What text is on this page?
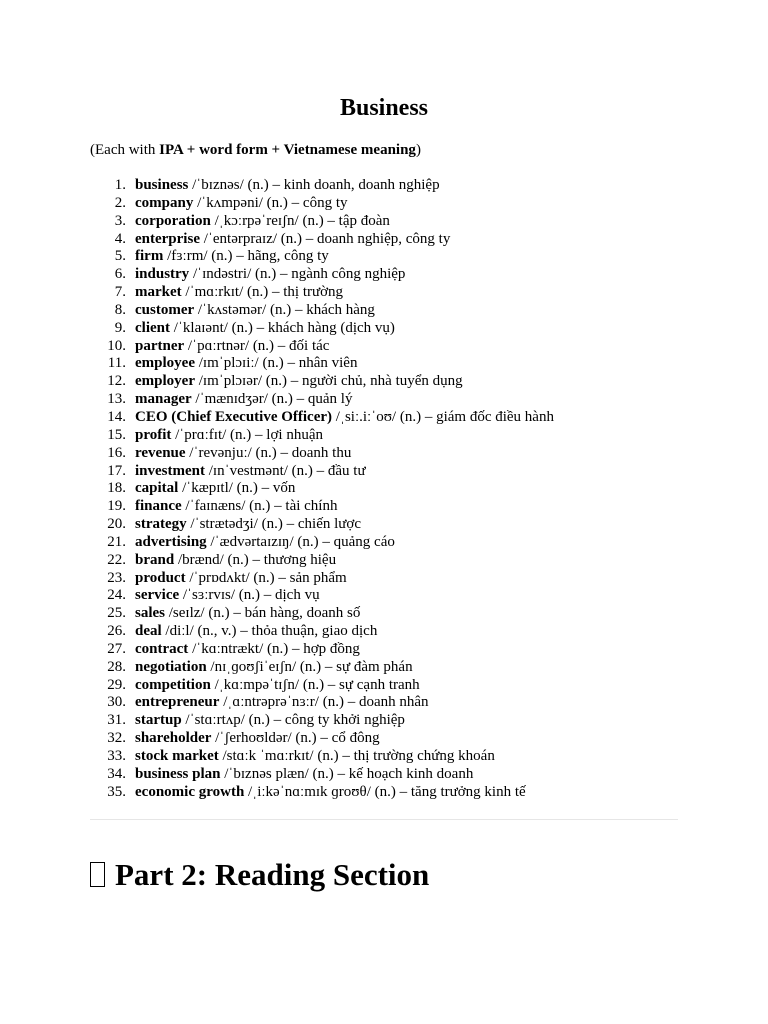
Business

(Each with IPA + word form + Vietnamese meaning)

1. business /ˈbɪznəs/ (n.) – kinh doanh, doanh nghiệp
2. company /ˈkʌmpəni/ (n.) – công ty
3. corporation /ˌkɔːrpəˈreɪʃn/ (n.) – tập đoàn
4. enterprise /ˈentərpraɪz/ (n.) – doanh nghiệp, công ty
5. firm /fɜːrm/ (n.) – hãng, công ty
6. industry /ˈɪndəstri/ (n.) – ngành công nghiệp
7. market /ˈmɑːrkɪt/ (n.) – thị trường
8. customer /ˈkʌstəmər/ (n.) – khách hàng
9. client /ˈklaɪənt/ (n.) – khách hàng (dịch vụ)
10. partner /ˈpɑːrtnər/ (n.) – đối tác
11. employee /ɪmˈplɔɪiː/ (n.) – nhân viên
12. employer /ɪmˈplɔɪər/ (n.) – người chủ, nhà tuyển dụng
13. manager /ˈmænɪdʒər/ (n.) – quản lý
14. CEO (Chief Executive Officer) /ˌsiː.iːˈoʊ/ (n.) – giám đốc điều hành
15. profit /ˈprɑːfɪt/ (n.) – lợi nhuận
16. revenue /ˈrevənjuː/ (n.) – doanh thu
17. investment /ɪnˈvestmənt/ (n.) – đầu tư
18. capital /ˈkæpɪtl/ (n.) – vốn
19. finance /ˈfaɪnæns/ (n.) – tài chính
20. strategy /ˈstrætədʒi/ (n.) – chiến lược
21. advertising /ˈædvərtaɪzɪŋ/ (n.) – quảng cáo
22. brand /brænd/ (n.) – thương hiệu
23. product /ˈprɒdʌkt/ (n.) – sản phẩm
24. service /ˈsɜːrvɪs/ (n.) – dịch vụ
25. sales /seɪlz/ (n.) – bán hàng, doanh số
26. deal /diːl/ (n., v.) – thỏa thuận, giao dịch
27. contract /ˈkɑːntrækt/ (n.) – hợp đồng
28. negotiation /nɪˌɡoʊʃiˈeɪʃn/ (n.) – sự đàm phán
29. competition /ˌkɑːmpəˈtɪʃn/ (n.) – sự cạnh tranh
30. entrepreneur /ˌɑːntrəprəˈnɜːr/ (n.) – doanh nhân
31. startup /ˈstɑːrtʌp/ (n.) – công ty khởi nghiệp
32. shareholder /ˈʃerhoʊldər/ (n.) – cổ đông
33. stock market /stɑːk ˈmɑːrkɪt/ (n.) – thị trường chứng khoán
34. business plan /ˈbɪznəs plæn/ (n.) – kế hoạch kinh doanh
35. economic growth /ˌiːkəˈnɑːmɪk ɡroʊθ/ (n.) – tăng trưởng kinh tế
Part 2: Reading Section
